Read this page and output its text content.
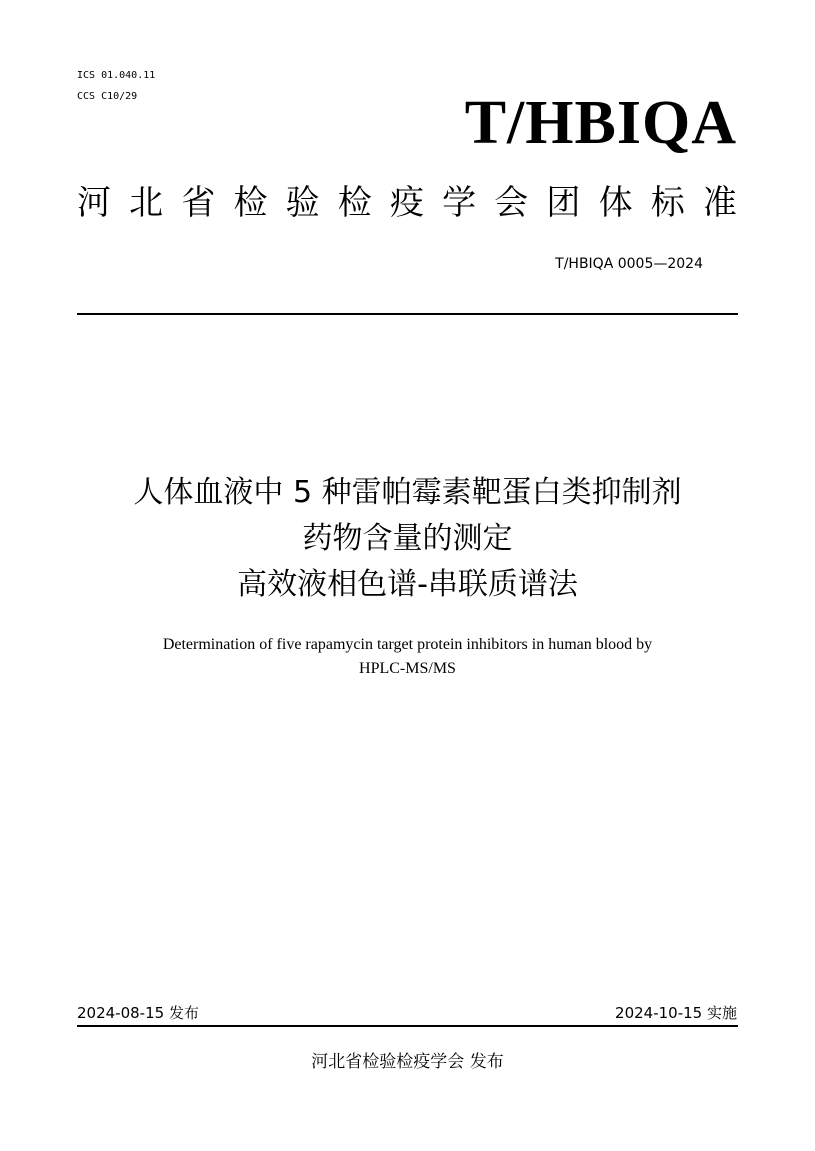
ICS 01.040.11
CCS C10/29	T/HBIQA
河 北 省 检 验 检 疫 学 会 团 体 标 准
T/HBIQA 0005—2024
人体血液中 5 种雷帕霉素靶蛋白类抑制剂
药物含量的测定
高效液相色谱-串联质谱法
Determination of five rapamycin target protein inhibitors in human blood by
HPLC-MS/MS
2024-08-15 发布	2024-10-15 实施
河北省检验检疫学会 发布
